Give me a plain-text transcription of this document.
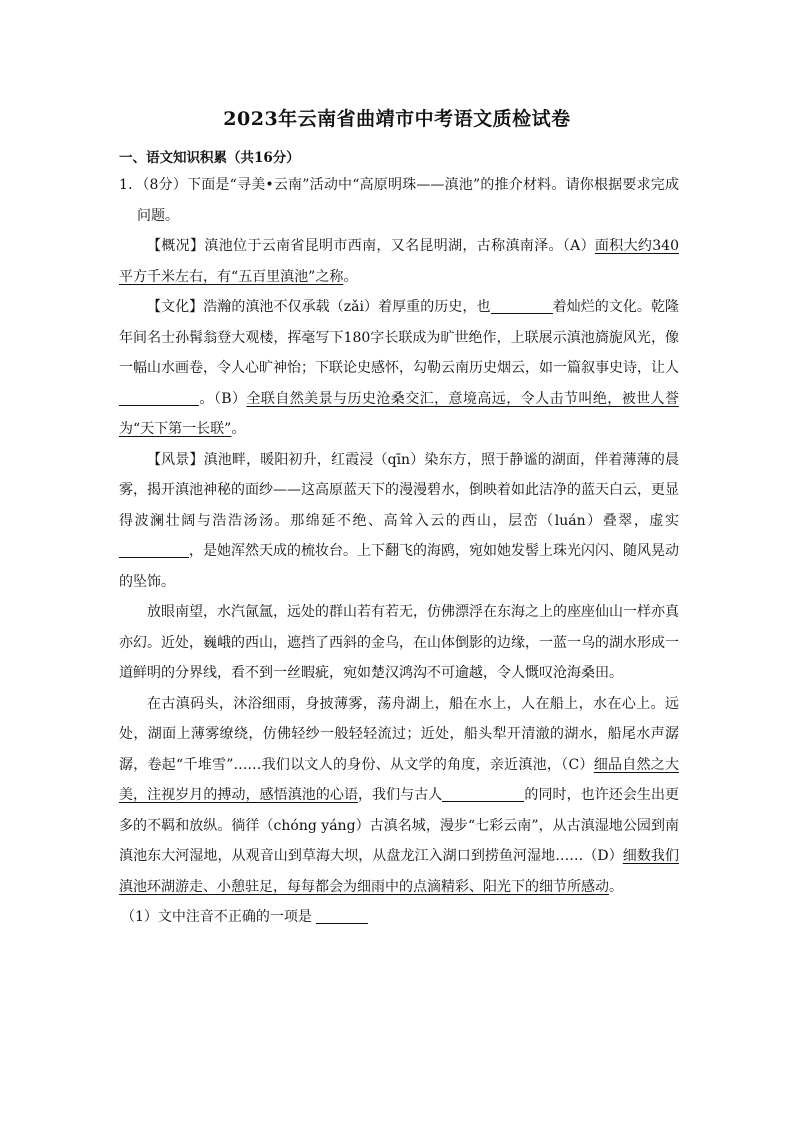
2023年云南省曲靖市中考语文质检试卷
一、语文知识积累（共16分）

1．（8分）下面是“寻美•云南”活动中“高原明珠——滇池”的推介材料。请你根据要求完成问题。

【概况】滇池位于云南省昆明市西南，又名昆明湖，古称滇南泽。（A）面积大约340平方千米左右，有“五百里滇池”之称。

【文化】浩瀚的滇池不仅承载（zǎi）着厚重的历史，也	着灿烂的文化。乾隆年间名士孙髯翁登大观楼，挥毫写下180字长联成为旷世绝作，上联展示滇池旖旎风光，像一幅山水画卷，令人心旷神怡；下联论史感怀，勾勒云南历史烟云，如一篇叙事史诗，让人。（B）全联自然美景与历史沧桑交汇，意境高远，令人击节叫绝，被世人誉为“天下第一长联”。

【风景】滇池畔，暖阳初升，红霞浸（qīn）染东方，照于静谧的湖面，伴着薄薄的晨雾，揭开滇池神秘的面纱——这高原蓝天下的漫漫碧水，倒映着如此洁净的蓝天白云，更显得波澜壮阔与浩浩汤汤。那绵延不绝、高耸入云的西山，层峦（luán）叠翠，虚实，是她浑然天成的梳妆台。上下翻飞的海鸥，宛如她发髻上珠光闪闪、随风晃动的坠饰。

放眼南望，水汽氤氲，远处的群山若有若无，仿佛漂浮在东海之上的座座仙山一样亦真亦幻。近处，巍峨的西山，遮挡了西斜的金乌，在山体倒影的边缘，一蓝一乌的湖水形成一道鲜明的分界线，看不到一丝暇疵，宛如楚汉鸿沟不可逾越，令人慨叹沧海桑田。

在古滇码头，沐浴细雨，身披薄雾，荡舟湖上，船在水上，人在船上，水在心上。远处，湖面上薄雾缭绕，仿佛轻纱一般轻轻流过；近处，船头犁开清澈的湖水，船尾水声潺潺，卷起“千堆雪”……我们以文人的身份、从文学的角度，亲近滇池，（C）细品自然之大美，注视岁月的搏动，感悟滇池的心语，我们与古人	的同时，也许还会生出更多的不羁和放纵。徜徉（chóng yáng）古滇名城，漫步“七彩云南”，从古滇湿地公园到南滇池东大河湿地，从观音山到草海大坝，从盘龙江入湖口到捞鱼河湿地……（D）细数我们滇池环湖游走、小憩驻足，每每都会为细雨中的点滴精彩、阳光下的细节所感动。

（1）文中注音不正确的一项是
